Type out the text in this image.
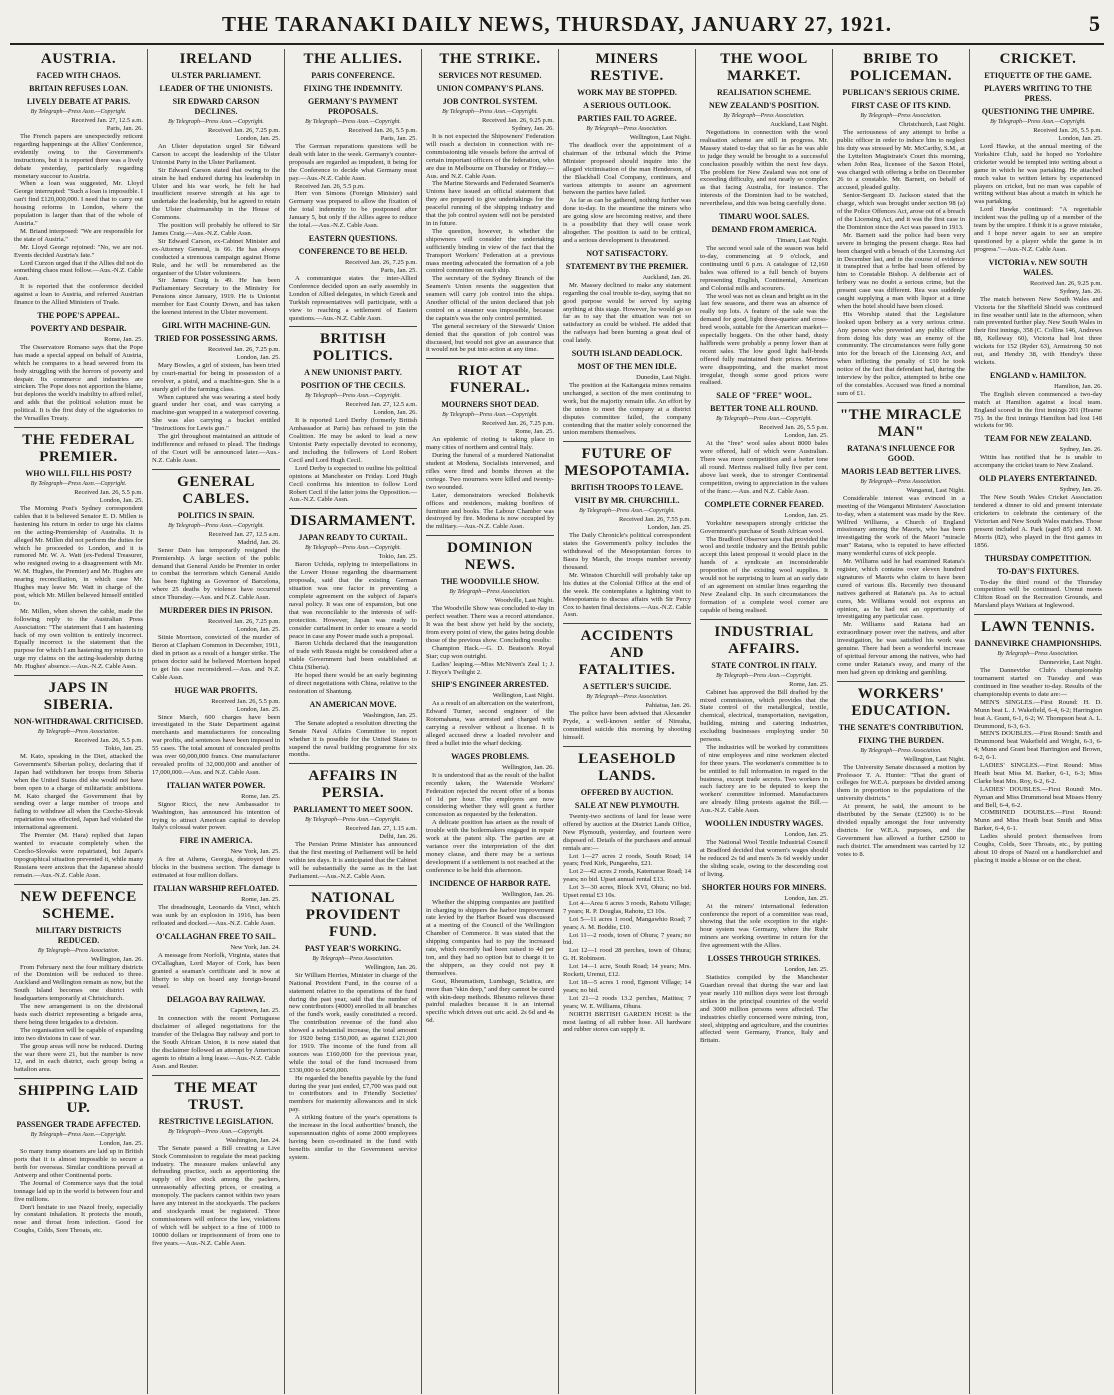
THE TARANAKI DAILY NEWS, THURSDAY, JANUARY 27, 1921.	5
AUSTRIA.
FACED WITH CHAOS.
BRITAIN REFUSES LOAN.
LIVELY DEBATE AT PARIS.
By Telegraph—Press Assn.—Copyright.
Received Jan. 27, 12.5 a.m.
Paris, Jan. 26.

The French papers are unexpectedly reticent regarding happenings at the Allies' Conference, evidently owing to the Government's instructions, but it is reported there was a lively debate yesterday, particularly regarding monetary succour to Austria.

When a loan was suggested, Mr. Lloyd George interrupted: "Such a loan is impossible. I can't find £120,000,000. I need that to carry out housing reforms in London, where the population is larger than that of the whole of Austria."

M. Briand interposed: "We are responsible for the state of Austria."

Mr. Lloyd George rejoined: "No, we are not. Events decided Austria's fate."

Lord Curzon urged that if the Allies did not do something chaos must follow.—Aus.-N.Z. Cable Assn.

It is reported that the conference decided against a loan to Austria, and referred Austrian finance to the Allied Ministers of Trade.

THE POPE'S APPEAL.
POVERTY AND DESPAIR.
Rome, Jan. 25.

The Osservatore Romano says that the Pope has made a special appeal on behalf of Austria, which he compares to a head severed from its body struggling with the horrors of poverty and despair. Its commerce and industries are stricken. The Pope does not apportion the blame, but deplores the world's inability to afford relief, and adds that the political solution must be political. It is the first duty of the signatories to the Versailles Treaty.

THE FEDERAL PREMIER.
WHO WILL FILL HIS POST?
By Telegraph—Press Assn.—Copyright.
Received Jan. 26, 5.5 p.m.
London, Jan. 25.

The Morning Post's Sydney correspondent cables that it is believed Senator E. D. Millen is hastening his return in order to urge his claims on the acting-Premiership of Australia. It is alleged Mr. Millen did not perform the duties for which he proceeded to London, and it is rumored Mr. W. A. Watt (ex-Federal Treasurer, who resigned owing to a disagreement with Mr. W. M. Hughes, the Premier) and Mr. Hughes are nearing reconciliation, in which case Mr. Hughes may leave Mr. Watt in charge of the post, which Mr. Millen believed himself entitled to.

Mr. Millen, when shown the cable, made the following reply to the Australian Press Association: "The statement that I am hastening back of my own volition is entirely incorrect. Equally incorrect is the statement that the purpose for which I am hastening my return is to urge my claims on the acting-leadership during Mr. Hughes' absence.—Aus.-N.Z. Cable Assn.

JAPS IN SIBERIA.
NON-WITHDRAWAL CRITICISED.
By Telegraph—Press Association.
Received Jan. 26, 5.5 p.m.
Tokio, Jan. 25.

M. Kato, speaking in the Diet, attacked the Government's Siberian policy, declaring that if Japan had withdrawn her troops from Siberia when the United States did she would not have been open to a charge of militaristic ambitions. M. Kato charged the Government that by sending over a large number of troops and failing to withdraw all when the Czecho-Slovak repatriation was effected, Japan had violated the international agreement.

The Premier (M. Hara) replied that Japan wanted to evacuate completely when the Czecho-Slovaks were repatriated, but Japan's topographical situation prevented it, while many Russians were anxious that the Japanese should remain.—Aus.-N.Z. Cable Assn.

NEW DEFENCE SCHEME.
MILITARY DISTRICTS REDUCED.
By Telegraph—Press Association.
Wellington, Jan. 26.

From February next the four military districts of the Dominion will be reduced to three. Auckland and Wellington remain as now, but the South Island becomes one district with headquarters temporarily at Christchurch.

The new arrangement is on the divisional basis each district representing a brigade area, there being three brigades to a division.

The organisation will be capable of expanding into two divisions in case of war.

The group areas will now be reduced. During the war there were 21, but the number is now 12, and in each district, each group being a battalion area.

SHIPPING LAID UP.
PASSENGER TRADE AFFECTED.
By Telegraph—Press Assn.—Copyright.
London, Jan. 25.

So many tramp steamers are laid up in British ports that it is almost impossible to secure a berth for overseas. Similar conditions prevail at Antwerp and other Continental ports.

The Journal of Commerce says that the total tonnage laid up in the world is between four and five millions.

Don't hesitate to use Nazol freely, especially by constant inhalation. It protects the mouth, nose and throat from infection. Good for Coughs, Colds, Sore Throats, etc.

IRELAND
ULSTER PARLIAMENT.
LEADER OF THE UNIONISTS.
SIR EDWARD CARSON DECLINES.
By Telegraph—Press Assn.—Copyright.
Received Jan. 26, 7.25 p.m.
London, Jan. 25.

An Ulster deputation urged Sir Edward Carson to accept the leadership of the Ulster Unionist Party in the Ulster Parliament.

Sir Edward Carson stated that owing to the strain he had endured during his leadership in Ulster and his war work, he felt he had insufficient reserve strength at his age to undertake the leadership, but he agreed to retain the Ulster chairmanship in the House of Commons.

The position will probably be offered to Sir James Craig.—Aus.-N.Z. Cable Assn.

Sir Edward Carson, ex-Cabinet Minister and ex-Attorney General, is 66. He has always conducted a strenuous campaign against Home Rule, and he will be remembered as the organiser of the Ulster volunteers.

Sir James Craig is 49. He has been Parliamentary Secretary to the Ministry for Pensions since January, 1919. He is Unionist member for East County Down, and has taken the keenest interest in the Ulster movement.

GIRL WITH MACHINE-GUN.
TRIED FOR POSSESSING ARMS.
Received Jan. 26, 7.25 p.m.
London, Jan. 25.

Mary Bowles, a girl of sixteen, has been tried by court-martial for being in possession of a revolver, a pistol, and a machine-gun. She is a sturdy girl of the farming class.

When captured she was wearing a steel body guard under her coat, and was carrying a machine-gun wrapped in a waterproof covering. She was also carrying a bucket entitled "Instructions for Lewis gun."

The girl throughout maintained an attitude of indifference and refused to plead. The findings of the Court will be announced later.—Aus.-N.Z. Cable Assn.

GENERAL CABLES.
POLITICS IN SPAIN.
By Telegraph—Press Assn.—Copyright.
Received Jan. 27, 12.5 a.m.
Madrid, Jan. 26.

Senor Dato has temporarily resigned the Premiership. A large section of the public demand that General Anido be Premier in order to combat the terrorism which General Anido has been fighting as Governor of Barcelona, where 25 deaths by violence have occurred since Thursday.—Aus. and N.Z. Cable Assn.

MURDERER DIES IN PRISON.
Received Jan. 26, 7.25 p.m.
London, Jan. 25.

Stinie Morrison, convicted of the murder of Beron at Clapham Common in December, 1911, died in prison as a result of a hunger strike. The prison doctor said he believed Morrison hoped to get his case reconsidered.—Aus. and N.Z. Cable Assn.

HUGE WAR PROFITS.
Received Jan. 26, 5.5 p.m.
London, Jan. 25.

Since March, 600 charges have been investigated in the State Department against merchants and manufacturers for concealing war profits, and sentences have been imposed in 55 cases. The total amount of concealed profits was over 60,000,000 francs. One manufacturer revealed profits of 32,000,000 and another of 17,000,000.—Aus. and N.Z. Cable Assn.

ITALIAN WATER POWER.
Rome, Jan. 25.

Signor Ricci, the new Ambassador to Washington, has announced his intention of trying to attract American capital to develop Italy's colossal water power.

FIRE IN AMERICA.
New York, Jan. 25.

A fire at Athens, Georgia, destroyed three blocks in the business section. The damage is estimated at four million dollars.

ITALIAN WARSHIP REFLOATED.
Rome, Jan. 25.

The dreadnought, Leonardo da Vinci, which was sunk by an explosion in 1916, has been refloated and docked.—Aus.-N.Z. Cable Assn.

O'CALLAGHAN FREE TO SAIL.
New York, Jan. 24.

A message from Norfolk, Virginia, states that O'Callaghan, Lord Mayor of Cork, has been granted a seaman's certificate and is now at liberty to ship on board any foreign-bound vessel.

DELAGOA BAY RAILWAY.
Capetown, Jan. 25.

In connection with the recent Portuguese disclaimer of alleged negotiations for the transfer of the Delagoa Bay railway and port to the South African Union, it is now stated that the disclaimer followed an attempt by American agents to obtain a long lease.—Aus.-N.Z. Cable Assn. and Reuter.

THE MEAT TRUST.
RESTRICTIVE LEGISLATION.
By Telegraph—Press Assn.—Copyright.
Washington, Jan. 24.

The Senate passed a Bill creating a Live Stock Commission to regulate the meat packing industry. The measure makes unlawful any defrauding practice, such as apportioning the supply of live stock among the packers, unreasonably affecting prices, or creating a monopoly. The packers cannot within two years have any interest in the stockyards. The packers and stockyards must be registered. Three commissioners will enforce the law, violations of which will be subject to a fine of 1000 to 10000 dollars or imprisonment of from one to five years.—Aus.-N.Z. Cable Assn.

THE ALLIES.
PARIS CONFERENCE.
FIXING THE INDEMNITY.
GERMANY'S PAYMENT PROPOSALS.
By Telegraph—Press Assn.—Copyright.
Received Jan. 26, 5.5 p.m.
Paris, Jan. 25.

The German reparations questions will be dealt with later in the week. Germany's counter-proposals are regarded as impudent, it being for the Conference to decide what Germany must pay.—Aus.-N.Z. Cable Assn.

Received Jan. 26, 5.5 p.m.

Herr von Simons (Foreign Minister) said Germany was prepared to allow the fixation of the total indemnity to be postponed after January 5, but only if the Allies agree to reduce the total.—Aus.-N.Z. Cable Assn.

EASTERN QUESTIONS.
CONFERENCE TO BE HELD.
Received Jan. 26, 7.25 p.m.
Paris, Jan. 25.

A communique states the inter-Allied Conference decided upon an early assembly in London of Allied delegates, in which Greek and Turkish representatives will participate, with a view to reaching a settlement of Eastern questions.—Aus.-N.Z. Cable Assn.

BRITISH POLITICS.
A NEW UNIONIST PARTY.
POSITION OF THE CECILS.
By Telegraph—Press Assn.—Copyright.
Received Jan. 27, 12.5 a.m.
London, Jan. 26.

It is reported Lord Derby (formerly British Ambassador at Paris) has refused to join the Coalition. He may be asked to lead a new Unionist Party especially devoted to economy, and including the followers of Lord Robert Cecil and Lord Hugh Cecil.

Lord Derby is expected to outline his political opinions at Manchester on Friday. Lord Hugh Cecil confirms his intention to follow Lord Robert Cecil if the latter joins the Opposition.—Aus.-N.Z. Cable Assn.

DISARMAMENT.
JAPAN READY TO CURTAIL.
By Telegraph—Press Assn.—Copyright.
Tokio, Jan. 25.

Baron Uchida, replying to interpellations in the Lower House regarding the disarmament proposals, said that the existing German situation was one factor in preventing a complete agreement on the subject of Japan's naval policy. It was one of expansion, but one that was reconcilable to the interests of self-protection. However, Japan was ready to consider curtailment in order to ensure a world peace in case any Power made such a proposal.

Baron Uchida declared that the inauguration of trade with Russia might be considered after a stable Government had been established at Chita (Siberia).

He hoped there would be an early beginning of direct negotiations with China, relative to the restoration of Shantung.

AN AMERICAN MOVE.
Washington, Jan. 25.

The Senate adopted a resolution directing the Senate Naval Affairs Committee to report whether it is possible for the United States to suspend the naval building programme for six months.

AFFAIRS IN PERSIA.
PARLIAMENT TO MEET SOON.
By Telegraph—Press Assn.—Copyright.
Received Jan. 27, 1.15 a.m.
Delhi, Jan. 26.

The Persian Prime Minister has announced that the first meeting of Parliament will be held within ten days. It is anticipated that the Cabinet will be substantially the same as in the last Parliament.—Aus.-N.Z. Cable Assn.

NATIONAL PROVIDENT FUND.
PAST YEAR'S WORKING.
By Telegraph—Press Association.
Wellington, Jan. 26.

Sir William Herries, Minister in charge of the National Provident Fund, in the course of a statement relative to the operations of the fund during the past year, said that the number of new contributors (4000) enrolled in all branches of the fund's work, easily constituted a record. The contribution revenue of the fund also showed a substantial increase, the total amount for 1920 being £150,000, as against £121,000 for 1919. The income of the fund from all sources was £160,000 for the previous year, while the total of the fund increased from £330,000 to £450,000.

He regarded the benefits payable by the fund during the year just ended, £7,700 was paid out to contributors and to Friendly Societies' members for maternity allowances and in sick pay.

A striking feature of the year's operations is the increase in the local authorities' branch, the superannuation rights of some 2000 employees having been co-ordinated in the fund with benefits similar to the Government service system.

THE STRIKE.
SERVICES NOT RESUMED.
UNION COMPANY'S PLANS.
JOB CONTROL SYSTEM.
By Telegraph—Press Assn.—Copyright.
Received Jan. 26, 9.25 p.m.
Sydney, Jan. 26.

It is not expected the Shipowners' Federation will reach a decision in connection with re-commissioning idle vessels before the arrival of certain important officers of the federation, who are due in Melbourne on Thursday or Friday.—Aus. and N.Z. Cable Assn.

The Marine Stewards and Federated Seamen's Unions have issued an official statement that they are prepared to give undertakings for the peaceful running of the shipping industry and that the job control system will not be persisted in in future.

The question, however, is whether the shipowners will consider the undertaking sufficiently binding in view of the fact that the Transport Workers' Federation at a previous mass meeting advocated the formation of a job control committee on each ship.

The secretary of the Sydney Branch of the Seamen's Union resents the suggestion that seamen will carry job control into the ships. Another official of the union declared that job control on a steamer was impossible, because the captain's was the only control permitted.

The general secretary of the Stewards' Union denied that the question of job control was discussed, but would not give an assurance that it would not be put into action at any time.

RIOT AT FUNERAL.
MOURNERS SHOT DEAD.
By Telegraph—Press Assn.—Copyright.
Received Jan. 26, 7.25 p.m.
Rome, Jan. 25.

An epidemic of rioting is taking place in many cities of northern and central Italy.

During the funeral of a murdered Nationalist student at Modena, Socialists intervened, and rifles were fired and bombs thrown at the cortege. Two mourners were killed and twenty-two wounded.

Later, demonstrators wrecked Bolshevik offices and residences, making bonfires of furniture and books. The Labour Chamber was destroyed by fire. Modena is now occupied by the military.—Aus.-N.Z. Cable Assn.

DOMINION NEWS.
THE WOODVILLE SHOW.
By Telegraph—Press Association.
Woodville, Last Night.

The Woodville Show was concluded to-day in perfect weather. There was a record attendance. It was the best show yet held by the society, from every point of view, the gates being double those of the previous show. Concluding results:

Champion Hack.—G. D. Beatson's Royal Star; cup won outright.

Ladies' leaping.—Miss McNiven's Zeal 1; J. J. Bryce's Twilight 2.

SHIP'S ENGINEER ARRESTED.
Wellington, Last Night.

As a result of an altercation on the waterfront, Edward Turner, second engineer of the Rotomahana, was arrested and charged with carrying a revolver without a license. It is alleged accused drew a loaded revolver and fired a bullet into the wharf decking.

WAGES PROBLEMS.
Wellington, Jan. 26.

It is understood that as the result of the ballot recently taken, the Waterside Workers' Federation rejected the recent offer of a bonus of 1d per hour. The employers are now considering whether they will grant a further concession as requested by the federation.

A delicate position has arisen as the result of trouble with the boilermakers engaged in repair work at the patent slip. The parties are at variance over the interpretation of the dirt money clause, and there may be a serious development if a settlement is not reached at the conference to be held this afternoon.

INCIDENCE OF HARBOR RATE.
Wellington, Jan. 26.

Whether the shipping companies are justified in charging to shippers the harbor improvement rate levied by the Harbor Board was discussed at a meeting of the Council of the Wellington Chamber of Commerce. It was stated that the shipping companies had to pay the increased rate, which recently had been raised to 4d per ton, and they had no option but to charge it to the shippers, as they could not pay it themselves.

Gout, Rheumatism, Lumbago, Sciatica, are more than "skin deep," and they cannot be cured with skin-deep methods. Rheumo relieves these painful maladies because it is an internal specific which drives out uric acid. 2s 6d and 4s 6d.

MINERS RESTIVE.
WORK MAY BE STOPPED.
A SERIOUS OUTLOOK.
PARTIES FAIL TO AGREE.
By Telegraph—Press Association.
Wellington, Last Night.

The deadlock over the appointment of a chairman of the tribunal which the Prime Minister proposed should inquire into the alleged victimisation of the man Henderson, of the Blackball Coal Company, continues, and various attempts to assure an agreement between the parties have failed.

As far as can be gathered, nothing further was done to-day. In the meantime the miners who are going slow are becoming restive, and there is a possibility that they will cease work altogether. The position is said to be critical, and a serious development is threatened.

NOT SATISFACTORY.
STATEMENT BY THE PREMIER.
Auckland, Jan. 26.

Mr. Massey declined to make any statement regarding the coal trouble to-day, saying that no good purpose would be served by saying anything at this stage. However, he would go so far as to say that the situation was not so satisfactory as could be wished. He added that the railways had been burning a great deal of coal lately.

SOUTH ISLAND DEADLOCK.
MOST OF THE MEN IDLE.
Dunedin, Last Night.

The position at the Kaitangata mines remains unchanged, a section of the men continuing to work, but the majority remain idle. An effort by the union to meet the company at a district disputes committee failed, the company contending that the matter solely concerned the union members themselves.

FUTURE OF MESOPOTAMIA.
BRITISH TROOPS TO LEAVE.
VISIT BY MR. CHURCHILL.
By Telegraph—Press Assn.—Copyright.
Received Jan. 26, 7.55 p.m.
London, Jan. 25.

The Daily Chronicle's political correspondent states the Government's policy includes the withdrawal of the Mesopotamian forces to Basra by March, the troops number seventy thousand.

Mr. Winston Churchill will probably take up his duties at the Colonial Office at the end of the week. He contemplates a lightning visit to Mesopotamia to discuss affairs with Sir Percy Cox to hasten final decisions.—Aus.-N.Z. Cable Assn.

ACCIDENTS AND FATALITIES.
A SETTLER'S SUICIDE.
By Telegraph—Press Association.
Pahiatua, Jan. 26.

The police have been advised that Alexander Pryde, a well-known settler of Nireaha, committed suicide this morning by shooting himself.

LEASEHOLD LANDS.
OFFERED BY AUCTION.
SALE AT NEW PLYMOUTH.

Twenty-two sections of land for lease were offered by auction at the District Lands Office, New Plymouth, yesterday, and fourteen were disposed of. Details of the purchases and annual rentals are:—

Lot 1—27 acres 2 roods, South Road; 14 years; Fred Kirk, Pungarehu, £21.

Lot 2—42 acres 2 roods, Katemarae Road; 14 years; no bid. Upset annual rental £13.

Lot 3—30 acres, Block XVI, Ohura; no bid. Upset rental £3 10s.

Lot 4—Area 6 acres 3 roods, Rahotu Village; 7 years; R. P. Douglas, Rahotu, £3 10s.

Lot 5—11 acres 1 rood, Mangawhio Road; 7 years; A. M. Boddie, £10.

Lot 11—2 roods, town of Ohura; 7 years; no bid.

Lot 12—1 rood 28 perches, town of Ohura; G. H. Robinson.

Lot 14—1 acre, South Road; 14 years; Mrs. Rockett, Urenui, £12.

Lot 18—5 acres 1 rood, Egmont Village; 14 years; no bid.

Lot 21—2 roods 13.2 perches, Matitea; 7 years; W. E. Williams, Ohura.

NORTH BRITISH GARDEN HOSE is the most lasting of all rubber hose. All hardware and rubber stores can supply it.

THE WOOL MARKET.
REALISATION SCHEME.
NEW ZEALAND'S POSITION.
By Telegraph—Press Association.
Auckland, Last Night.

Negotiations in connection with the wool realisation scheme are still in progress. Mr. Massey stated to-day that so far as he was able to judge they would be brought to a successful conclusion possibly within the next few days. The problem for New Zealand was not one of exceeding difficulty, and not nearly so complex as that facing Australia, for instance. The interests of the Dominion had to be watched, nevertheless, and this was being carefully done.

TIMARU WOOL SALES.
DEMAND FROM AMERICA.
Timaru, Last Night.

The second wool sale of the season was held to-day, commencing at 9 o'clock, and continuing until 6 p.m. A catalogue of 12,160 bales was offered to a full bench of buyers representing English, Continental, American and Colonial mills and scourers.

The wool was not as clean and bright as in the last few seasons, and there was an absence of really top lots. A feature of the sale was the demand for good, light three-quarter and cross-bred wools, suitable for the American market—especially hoggets. On the other hand, dusty halfbreds were probably a penny lower than at recent sales. The low good light half-breds offered fully maintained their prices. Merinos were disappointing, and the market most irregular, though some good prices were realised.

SALE OF "FREE" WOOL.
BETTER TONE ALL ROUND.
By Telegraph—Press Assn.—Copyright.
Received Jan. 26, 5.5 p.m.
London, Jan. 25.

At the "free" wool sales about 8000 bales were offered, half of which were Australian. There was more competition and a better tone all round. Merinos realised fully five per cent. above last week, due to stronger Continental competition, owing to appreciation in the values of the franc.—Aus. and N.Z. Cable Assn.

COMPLETE CORNER FEARED.
London, Jan. 25.

Yorkshire newspapers strongly criticise the Government's purchase of South African wool.

The Bradford Observer says that provided the wool and textile industry and the British public accept this latest proposal it would place in the hands of a syndicate an inconsiderable proportion of the existing wool supplies. It would not be surprising to learn at an early date of an agreement on similar lines regarding the New Zealand clip. In such circumstances the formation of a complete wool corner are capable of being realised.

INDUSTRIAL AFFAIRS.
STATE CONTROL IN ITALY.
By Telegraph—Press Assn.—Copyright.
Rome, Jan. 25.

Cabinet has approved the Bill drafted by the mixed commission, which provides that the State control of the metallurgical, textile, chemical, electrical, transportation, navigation, building, mining and catering industries, excluding businesses employing under 50 persons.

The industries will be worked by committees of nine employees and nine workmen elected for three years. The workmen's committee is to be entitled to full information in regard to the business, except trade secrets. Two workers in each factory are to be deputed to keep the workers' committee informed. Manufacturers are already filing protests against the Bill.—Aus.-N.Z. Cable Assn.

WOOLLEN INDUSTRY WAGES.
London, Jan. 25.

The National Wool Textile Industrial Council at Bradford decided that women's wages should be reduced 2s 6d and men's 3s 6d weekly under the sliding scale, owing to the descending cost of living.

SHORTER HOURS FOR MINERS.
London, Jan. 25.

At the miners' international federation conference the report of a committee was read, showing that the sole exception to the eight-hour system was Germany, where the Ruhr miners are working overtime in return for the five agreement with the Allies.

LOSSES THROUGH STRIKES.
London, Jan. 25.

Statistics compiled by the Manchester Guardian reveal that during the war and last year nearly 110 million days were lost through strikes in the principal countries of the world and 3000 million persons were affected. The industries chiefly concerned were mining, iron, steel, shipping and agriculture, and the countries affected were Germany, France, Italy and Britain.

BRIBE TO POLICEMAN.
PUBLICAN'S SERIOUS CRIME.
FIRST CASE OF ITS KIND.
By Telegraph—Press Association.
Christchurch, Last Night.

The seriousness of any attempt to bribe a public officer in order to induce him to neglect his duty was stressed by Mr. McCarthy, S.M., at the Lyttelton Magistrate's Court this morning, when John Rea, licensee of the Saxon Hotel, was charged with offering a bribe on December 26 to a constable. Mr. Barnett, on behalf of accused, pleaded guilty.

Senior-Sergeant D. Jackson stated that the charge, which was brought under section 98 (a) of the Police Offences Act, arose out of a breach of the Licensing Act, and it was the first case in the Dominion since the Act was passed in 1913.

Mr. Barnett said the police had been very severe in bringing the present charge. Rea had been charged with a breach of the Licensing Act in December last, and in the course of evidence it transpired that a bribe had been offered by him to Constable Bishop. A deliberate act of bribery was no doubt a serious crime, but the present case was different. Rea was suddenly caught supplying a man with liquor at a time when the hotel should have been closed.

His Worship stated that the Legislature looked upon bribery as a very serious crime. Any person who prevented any public officer from doing his duty was an enemy of the community. The circumstances were fully gone into for the breach of the Licensing Act, and when inflicting the penalty of £10 he took notice of the fact that defendant had, during the interview by the police, attempted to bribe one of the constables. Accused was fined a nominal sum of £1.

"THE MIRACLE MAN"
RATANA'S INFLUENCE FOR GOOD.
MAORIS LEAD BETTER LIVES.
By Telegraph—Press Association.
Wanganui, Last Night.

Considerable interest was evinced in a meeting of the Wanganui Ministers' Association to-day, when a statement was made by the Rev. Wilfred Williams, a Church of England missionary among the Maoris, who has been investigating the work of the Maori "miracle man" Ratana, who is reputed to have effected many wonderful cures of sick people.

Mr. Williams said he had examined Ratana's register, which contains over eleven hundred signatures of Maoris who claim to have been cured of various ills. Recently two thousand natives gathered at Ratana's pa. As to actual cures, Mr. Williams would not express an opinion, as he had not an opportunity of investigating any particular case.

Mr. Williams said Ratana had an extraordinary power over the natives, and after investigation, he was satisfied his work was genuine. There had been a wonderful increase of spiritual fervour among the natives, who had come under Ratana's sway, and many of the men had given up drinking and gambling.

WORKERS' EDUCATION.
THE SENATE'S CONTRIBUTION.
FIXING THE BURDEN.
By Telegraph—Press Association.
Wellington, Last Night.

The University Senate discussed a motion by Professor T. A. Hunter: "That the grant of colleges for W.E.A. purposes be divided among them in proportion to the populations of the university districts."

At present, he said, the amount to be distributed by the Senate (£2500) is to be divided equally amongst the four university districts for W.E.A. purposes, and the Government has allowed a further £2500 to each district. The amendment was carried by 12 votes to 8.

CRICKET.
ETIQUETTE OF THE GAME.
PLAYERS WRITING TO THE PRESS.
QUESTIONING THE UMPIRE.
By Telegraph—Press Assn.—Copyright.
Received Jan. 26, 5.5 p.m.
London, Jan. 25.

Lord Hawke, at the annual meeting of the Yorkshire Club, said he hoped no Yorkshire cricketer would be tempted into writing about a game in which he was partaking. He attached much value to written letters by experienced players on cricket, but no man was capable of writing without bias about a match in which he was partaking.

Lord Hawke continued: "A regrettable incident was the pulling up of a member of the team by the umpire. I think it is a grave mistake, and I hope never again to see an umpire questioned by a player while the game is in progress."—Aus.-N.Z. Cable Assn.

VICTORIA v. NEW SOUTH WALES.
Received Jan. 26, 9.25 p.m.
Sydney, Jan. 26.

The match between New South Wales and Victoria for the Sheffield Shield was continued in fine weather until late in the afternoon, when rain prevented further play. New South Wales in their first innings, 358 (C. Collins 146, Andrews 88, Kelleway 60), Victoria had lost three wickets for 152 (Ryder 63), Armstrong 50 not out, and Hendry 38, with Hendry's three wickets.

ENGLAND v. HAMILTON.
Hamilton, Jan. 26.

The English eleven commenced a two-day match at Hamilton against a local team. England scored in the first innings 201 (Hearne 75). In the first innings Hamilton had lost 148 wickets for 90.

TEAM FOR NEW ZEALAND.
Sydney, Jan. 26.

Wittin has notified that he is unable to accompany the cricket team to New Zealand.

OLD PLAYERS ENTERTAINED.
Sydney, Jan. 26.

The New South Wales Cricket Association tendered a dinner to old and present interstate cricketers to celebrate the centenary of the Victorian and New South Wales matches. Those present included A. Park (aged 85) and J. M. Morris (82), who played in the first games in 1856.

THURSDAY COMPETITION.
TO-DAY'S FIXTURES.

To-day the third round of the Thursday competition will be continued. Urenui meets Clifton Road on the Recreation Grounds, and Marsland plays Waitara at Inglewood.

LAWN TENNIS.
DANNEVIRKE CHAMPIONSHIPS.
By Telegraph—Press Association.
Dannevirke, Last Night.

The Dannevirke Club's championship tournament started on Tuesday and was continued in fine weather to-day. Results of the championship events to date are:—

MEN'S SINGLES.—First Round: H. D. Munn beat L. J. Wakefield, 6-4, 6-2; Harrington beat A. Grant, 6-1, 6-2; W. Thompson beat A. L. Drummond, 6-3, 6-3.

MEN'S DOUBLES.—First Round: Smith and Drummond beat Wakefield and Wright, 6-3, 6-4; Munn and Grant beat Harrington and Brown, 6-2, 6-1.

LADIES' SINGLES.—First Round: Miss Heath beat Miss M. Barker, 6-1, 6-3; Miss Clarke beat Mrs. Roy, 6-2, 6-2.

LADIES' DOUBLES.—First Round: Mrs. Nyman and Miss Drummond beat Misses Henry and Bell, 6-4, 6-2.

COMBINED DOUBLES.—First Round: Munn and Miss Heath beat Smith and Miss Barker, 6-4, 6-1.

Ladies should protect themselves from Coughs, Colds, Sore Throats, etc., by putting about 10 drops of Nazol on a handkerchief and placing it inside a blouse or on the chest.
